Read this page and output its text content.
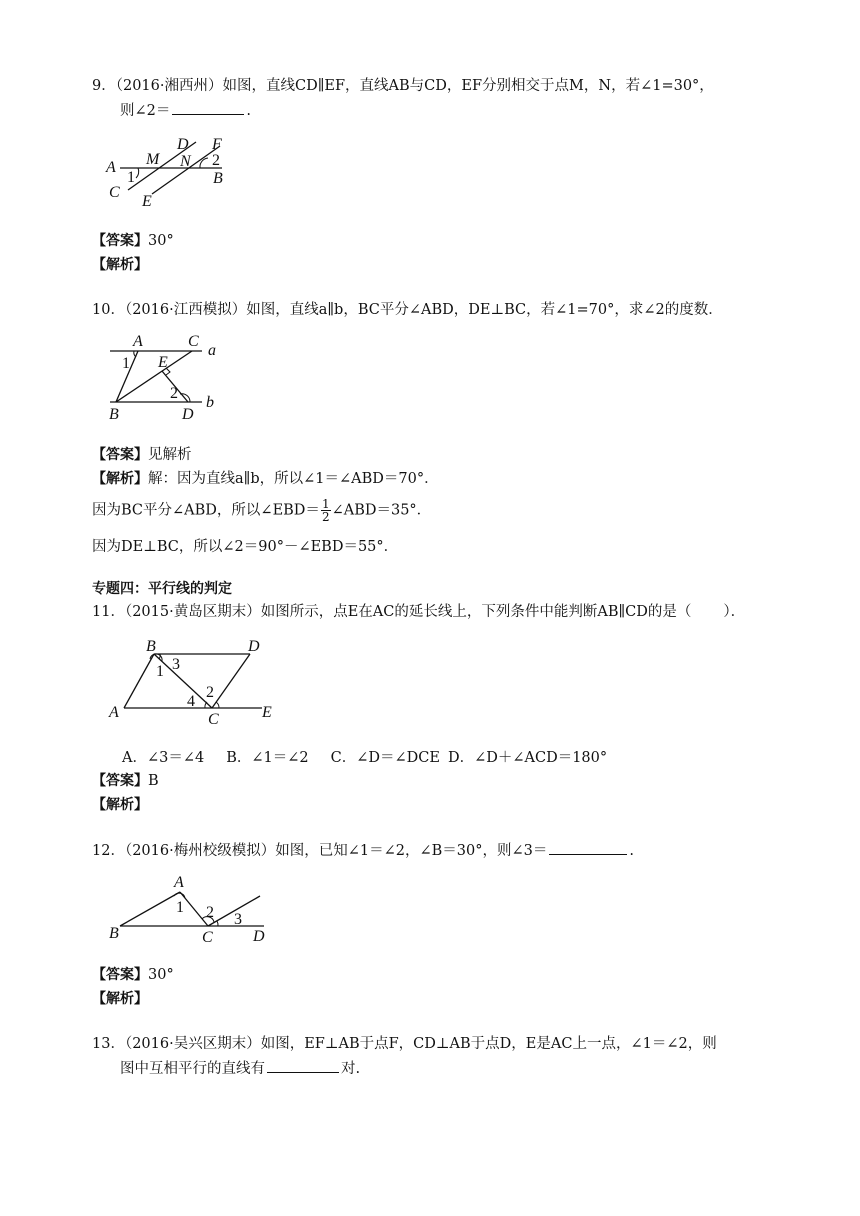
9．（2016·湘西州）如图，直线CD∥EF，直线AB与CD，EF分别相交于点M，N，若∠1=30°，
则∠2＝	.
A M
D
N
F
2
B
1
C
E
【答案】30°
【解析】
10．（2016·江西模拟）如图，直线a∥b，BC平分∠ABD，DE⊥BC，若∠1=70°，求∠2的度数．
A	C
a
1 E
2
b
B	D
【答案】见解析
【解析】解：因为直线a∥b，所以∠1＝∠ABD＝70°．
因为BC平分∠ABD，所以∠EBD＝ $\frac{1}{2}$ ∠ABD＝35°．
因为DE⊥BC，所以∠2＝90°－∠EBD＝55°．
专题四：平行线的判定
11．（2015·黄岛区期末）如图所示，点E在AC的延长线上，下列条件中能判断AB∥CD的是（ ）．
B	D
3
1
2
4
A	C	E
A．∠3＝∠4 B．∠1＝∠2 C．∠D＝∠DCE D．∠D＋∠ACD＝180°
【答案】B
【解析】
12．（2016·梅州校级模拟）如图，已知∠1＝∠2，∠B＝30°，则∠3＝	.
A
1 2 3
B	C	D
【答案】30°
【解析】
13．（2016·吴兴区期末）如图，EF⊥AB于点F，CD⊥AB于点D，E是AC上一点，∠1＝∠2，则
图中互相平行的直线有	对.
